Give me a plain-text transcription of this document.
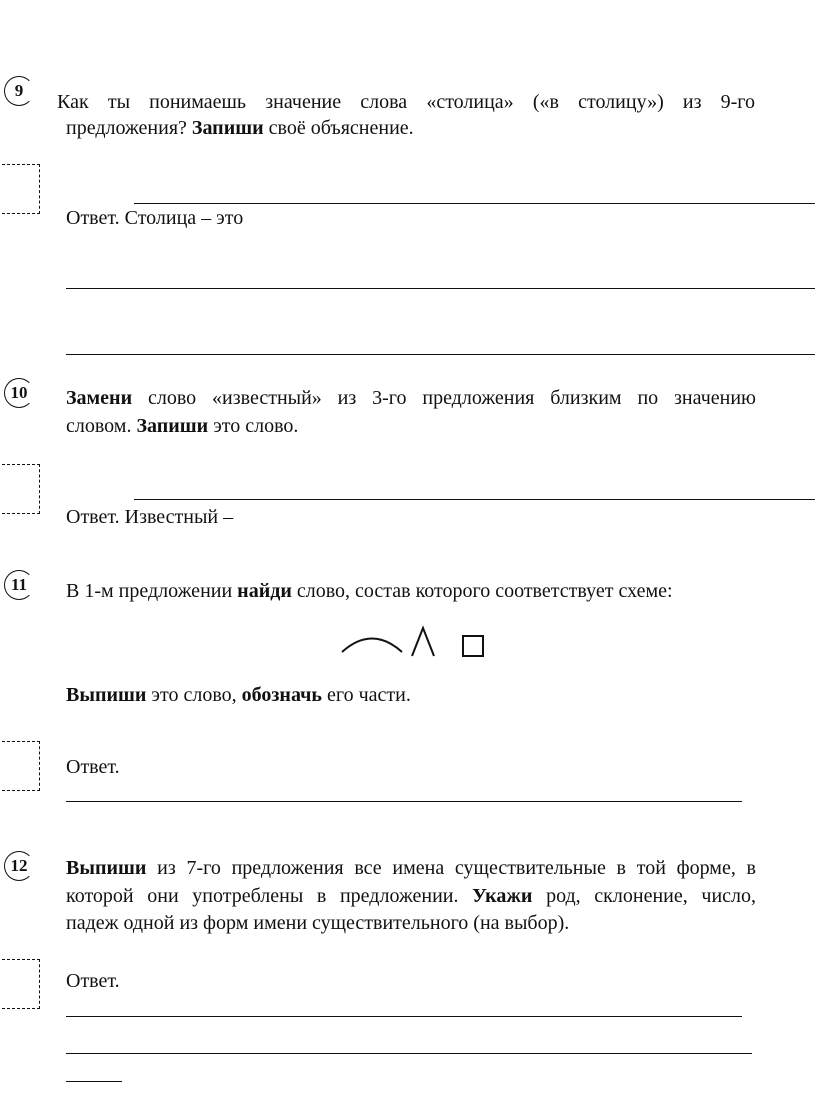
9
Как ты понимаешь значение слова «столица» («в столицу») из 9-го
предложения? Запиши своё объяснение.
Ответ. Столица – это
10 Замени слово «известный» из 3-го предложения близким по значению
словом. Запиши это слово.
Ответ. Известный –
11 В 1-м предложении найди слово, состав которого соответствует схеме:
Выпиши это слово, обозначь его части.
Ответ.
12 Выпиши из 7-го предложения все имена существительные в той форме, в
которой они употреблены в предложении. Укажи род, склонение, число,
падеж одной из форм имени существительного (на выбор).
Ответ.
